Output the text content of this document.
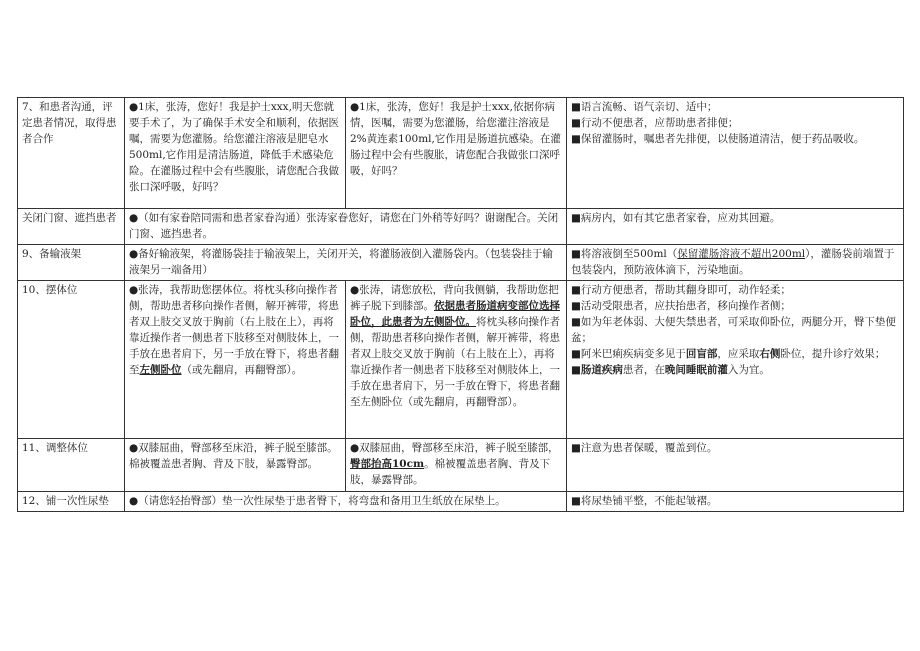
7、和患者沟通，评定患者情况，取得患者合作	●1床，张涛，您好！我是护士xxx,明天您就要手术了，为了确保手术安全和顺利，依据医嘱，需要为您灌肠。给您灌注溶液是肥皂水500ml,它作用是清洁肠道，降低手术感染危险。在灌肠过程中会有些腹胀，请您配合我做张口深呼吸，好吗？	●1床，张涛，您好！我是护士xxx,依据你病情，医嘱，需要为您灌肠，给您灌注溶液是2%黄连素100ml,它作用是肠道抗感染。在灌肠过程中会有些腹胀，请您配合我做张口深呼吸，好吗？	■语言流畅、语气亲切、适中；
■行动不便患者，应帮助患者排便；
■保留灌肠时，嘱患者先排便，以使肠道清洁，便于药品吸收。

关闭门窗、遮挡患者	●（如有家眷陪同需和患者家眷沟通）张涛家眷您好，请您在门外稍等好吗？谢谢配合。关闭门窗、遮挡患者。		■病房内，如有其它患者家眷，应劝其回避。

9、备输液架	●备好输液架，将灌肠袋挂于输液架上，关闭开关，将灌肠液倒入灌肠袋内。（包装袋挂于输液架另一端备用）		■将溶液倒至500ml（保留灌肠溶液不超出200ml），灌肠袋前端置于包装袋内，预防液体滴下，污染地面。
10、摆体位	●张涛，我帮助您摆体位。将枕头移向操作者侧，帮助患者移向操作者侧，解开裤带，将患者双上肢交叉放于胸前（右上肢在上），再将靠近操作者一侧患者下肢移至对侧肢体上，一手放在患者肩下，另一手放在臀下，将患者翻至左侧卧位（或先翻肩，再翻臀部）。	●张涛，请您放松，背向我侧躺，我帮助您把裤子脱下到膝部。依据患者肠道病变部位选择卧位，此患者为左侧卧位。将枕头移向操作者侧，帮助患者移向操作者侧，解开裤带，将患者双上肢交叉放于胸前（右上肢在上），再将靠近操作者一侧患者下肢移至对侧肢体上，一手放在患者肩下，另一手放在臀下，将患者翻至左侧卧位（或先翻肩，再翻臀部）。	■行动方便患者，帮助其翻身即可，动作轻柔；
■活动受限患者，应扶抬患者，移向操作者侧；
■如为年老体弱、大便失禁患者，可采取仰卧位，两腿分开，臀下垫便盆；
■阿米巴痢疾病变多见于回盲部，应采取右侧卧位，提升诊疗效果；
■肠道疾病患者，在晚间睡眠前灌入为宜。

11、调整体位	●双膝屈曲，臀部移至床沿，裤子脱至膝部。棉被覆盖患者胸、背及下肢，暴露臀部。	●双膝屈曲，臀部移至床沿，裤子脱至膝部，臀部抬高10cm。棉被覆盖患者胸、背及下肢，暴露臀部。	■注意为患者保暖，覆盖到位。

12、铺一次性尿垫	●（请您轻抬臀部）垫一次性尿垫于患者臀下，将弯盘和备用卫生纸放在尿垫上。		■将尿垫铺平整，不能起皱褶。
